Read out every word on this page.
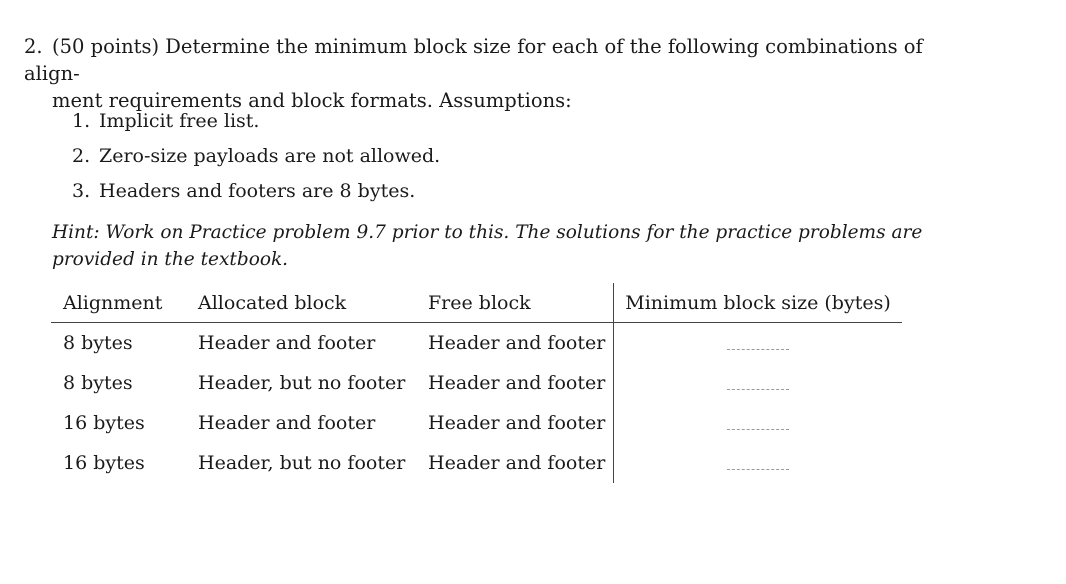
2. (50 points) Determine the minimum block size for each of the following combinations of align-
ment requirements and block formats. Assumptions:
1. Implicit free list.
2. Zero-size payloads are not allowed.
3. Headers and footers are 8 bytes.
Hint: Work on Practice problem 9.7 prior to this. The solutions for the practice problems are
provided in the textbook.
Alignment	Allocated block	Free block	Minimum block size (bytes)
8 bytes	Header and footer	Header and footer	
8 bytes	Header, but no footer	Header and footer	
16 bytes	Header and footer	Header and footer	
16 bytes	Header, but no footer	Header and footer	
